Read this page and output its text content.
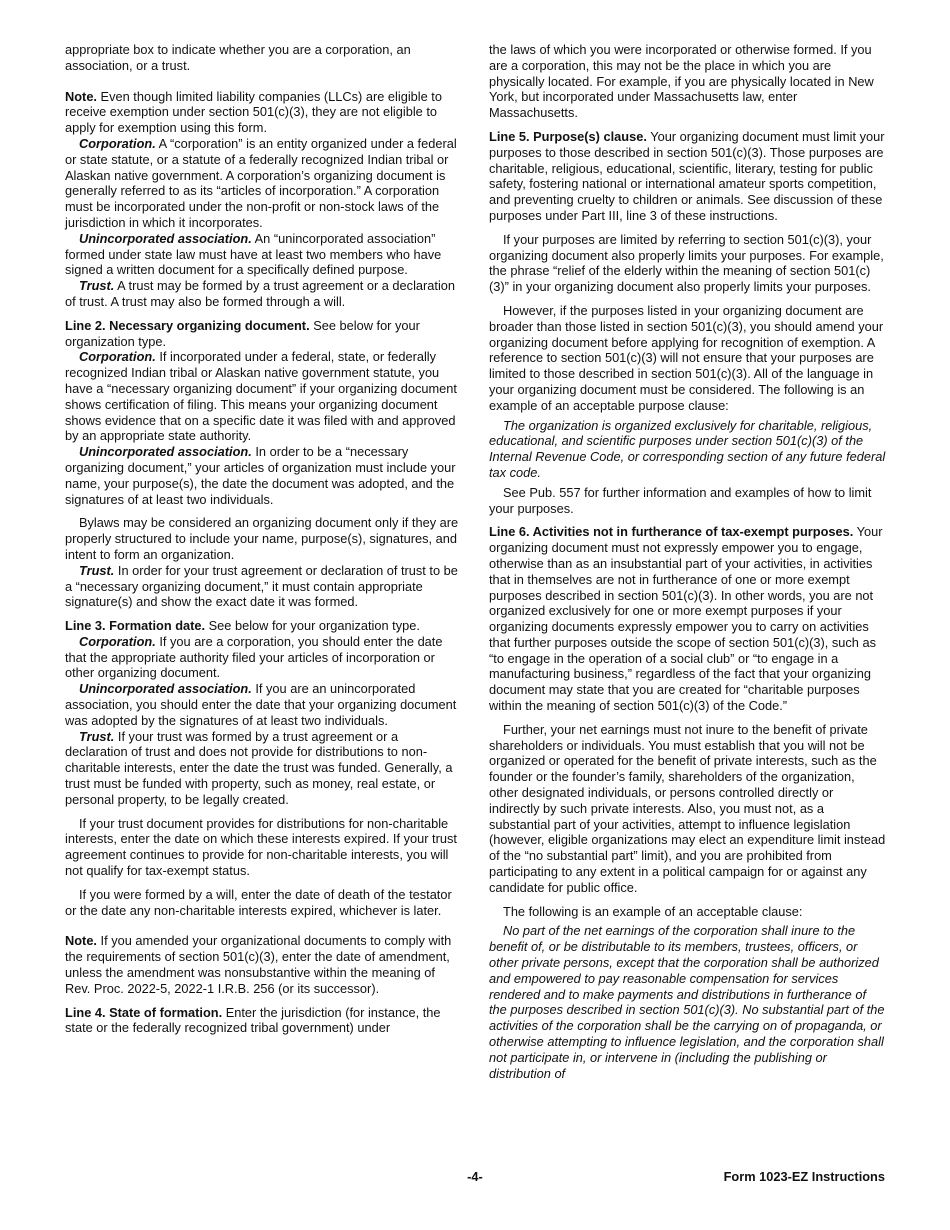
appropriate box to indicate whether you are a corporation, an association, or a trust.

Note. Even though limited liability companies (LLCs) are eligible to receive exemption under section 501(c)(3), they are not eligible to apply for exemption using this form.

Corporation. A “corporation” is an entity organized under a federal or state statute, or a statute of a federally recognized Indian tribal or Alaskan native government. A corporation’s organizing document is generally referred to as its “articles of incorporation.” A corporation must be incorporated under the non-profit or non-stock laws of the jurisdiction in which it incorporates.

Unincorporated association. An “unincorporated association” formed under state law must have at least two members who have signed a written document for a specifically defined purpose.

Trust. A trust may be formed by a trust agreement or a declaration of trust. A trust may also be formed through a will.

Line 2. Necessary organizing document. See below for your organization type.

Corporation. If incorporated under a federal, state, or federally recognized Indian tribal or Alaskan native government statute, you have a “necessary organizing document” if your organizing document shows certification of filing. This means your organizing document shows evidence that on a specific date it was filed with and approved by an appropriate state authority.

Unincorporated association. In order to be a “necessary organizing document,” your articles of organization must include your name, your purpose(s), the date the document was adopted, and the signatures of at least two individuals.

Bylaws may be considered an organizing document only if they are properly structured to include your name, purpose(s), signatures, and intent to form an organization.

Trust. In order for your trust agreement or declaration of trust to be a “necessary organizing document,” it must contain appropriate signature(s) and show the exact date it was formed.

Line 3. Formation date. See below for your organization type.

Corporation. If you are a corporation, you should enter the date that the appropriate authority filed your articles of incorporation or other organizing document.

Unincorporated association. If you are an unincorporated association, you should enter the date that your organizing document was adopted by the signatures of at least two individuals.

Trust. If your trust was formed by a trust agreement or a declaration of trust and does not provide for distributions to non-charitable interests, enter the date the trust was funded. Generally, a trust must be funded with property, such as money, real estate, or personal property, to be legally created.

If your trust document provides for distributions for non-charitable interests, enter the date on which these interests expired. If your trust agreement continues to provide for non-charitable interests, you will not qualify for tax-exempt status.

If you were formed by a will, enter the date of death of the testator or the date any non-charitable interests expired, whichever is later.

Note. If you amended your organizational documents to comply with the requirements of section 501(c)(3), enter the date of amendment, unless the amendment was nonsubstantive within the meaning of Rev. Proc. 2022-5, 2022-1 I.R.B. 256 (or its successor).

Line 4. State of formation. Enter the jurisdiction (for instance, the state or the federally recognized tribal government) under

the laws of which you were incorporated or otherwise formed. If you are a corporation, this may not be the place in which you are physically located. For example, if you are physically located in New York, but incorporated under Massachusetts law, enter Massachusetts.

Line 5. Purpose(s) clause. Your organizing document must limit your purposes to those described in section 501(c)(3). Those purposes are charitable, religious, educational, scientific, literary, testing for public safety, fostering national or international amateur sports competition, and preventing cruelty to children or animals. See discussion of these purposes under Part III, line 3 of these instructions.

If your purposes are limited by referring to section 501(c)(3), your organizing document also properly limits your purposes. For example, the phrase “relief of the elderly within the meaning of section 501(c)(3)” in your organizing document also properly limits your purposes.

However, if the purposes listed in your organizing document are broader than those listed in section 501(c)(3), you should amend your organizing document before applying for recognition of exemption. A reference to section 501(c)(3) will not ensure that your purposes are limited to those described in section 501(c)(3). All of the language in your organizing document must be considered. The following is an example of an acceptable purpose clause:

The organization is organized exclusively for charitable, religious, educational, and scientific purposes under section 501(c)(3) of the Internal Revenue Code, or corresponding section of any future federal tax code.

See Pub. 557 for further information and examples of how to limit your purposes.

Line 6. Activities not in furtherance of tax-exempt purposes. Your organizing document must not expressly empower you to engage, otherwise than as an insubstantial part of your activities, in activities that in themselves are not in furtherance of one or more exempt purposes described in section 501(c)(3). In other words, you are not organized exclusively for one or more exempt purposes if your organizing documents expressly empower you to carry on activities that further purposes outside the scope of section 501(c)(3), such as “to engage in the operation of a social club” or “to engage in a manufacturing business,” regardless of the fact that your organizing document may state that you are created for “charitable purposes within the meaning of section 501(c)(3) of the Code.”

Further, your net earnings must not inure to the benefit of private shareholders or individuals. You must establish that you will not be organized or operated for the benefit of private interests, such as the founder or the founder’s family, shareholders of the organization, other designated individuals, or persons controlled directly or indirectly by such private interests. Also, you must not, as a substantial part of your activities, attempt to influence legislation (however, eligible organizations may elect an expenditure limit instead of the “no substantial part” limit), and you are prohibited from participating to any extent in a political campaign for or against any candidate for public office.

The following is an example of an acceptable clause:

No part of the net earnings of the corporation shall inure to the benefit of, or be distributable to its members, trustees, officers, or other private persons, except that the corporation shall be authorized and empowered to pay reasonable compensation for services rendered and to make payments and distributions in furtherance of the purposes described in section 501(c)(3). No substantial part of the activities of the corporation shall be the carrying on of propaganda, or otherwise attempting to influence legislation, and the corporation shall not participate in, or intervene in (including the publishing or distribution of

-4-	Form 1023-EZ Instructions
